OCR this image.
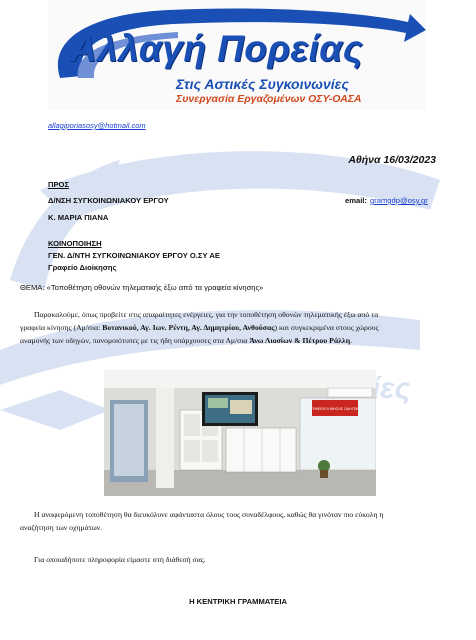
Αλλαγή Πορείας
Στις Αστικές Συγκοινωνίες
Συνεργασία Εργαζομένων ΟΣΥ-ΟΑΣΑ
allagiporiasosy@hotmail.com
Αθήνα 16/03/2023
ΠΡΟΣ
Δ/ΝΣΗ ΣΥΓΚΟΙΝΩΝΙΑΚΟΥ ΕΡΓΟΥ	email: gramgdp@osy.gr
Κ. ΜΑΡΙΑ ΠΙΑΝΑ
ΚΟΙΝΟΠΟΙΗΣΗ
ΓΕΝ. Δ/ΝΤΗ ΣΥΓΚΟΙΝΩΝΙΑΚΟΥ ΕΡΓΟΥ Ο.ΣΥ ΑΕ
Γραφείο Διοίκησης
ΘΕΜΑ: «Τοποθέτηση οθονών τηλεματικής έξω από τα γραφεία κίνησης»
Παρακαλούμε, όπως προβείτε στις απαραίτητες ενέργειες, για την τοποθέτηση οθονών τηλεματικής έξω από τα
γραφεία κίνησης (Αμ/σια: Βοτανικού, Αγ. Ιων. Ρέντη, Αγ. Δημητρίου, Ανθούσας) και συγκεκριμένα στους χώρους
αναμονής των οδηγών, πανομοιότυπες με τις ήδη υπάρχουσες στα Αμ/σια Άνω Λιοσίων & Πέτρου Ράλλη.
ΓΡΑΦΕΙΟ ΚΙΝΗΣΗΣ ΟΔΗΓΩΝ
Η αναφερόμενη τοποθέτηση θα διευκόλυνε αφάνταστα όλους τους συναδέλφους, καθώς θα γινόταν πιο εύκολη η
αναζήτηση των οχημάτων.
Για οποιαδήποτε πληροφορία είμαστε στη διάθεσή σας.
Η ΚΕΝΤΡΙΚΗ ΓΡΑΜΜΑΤΕΙΑ
